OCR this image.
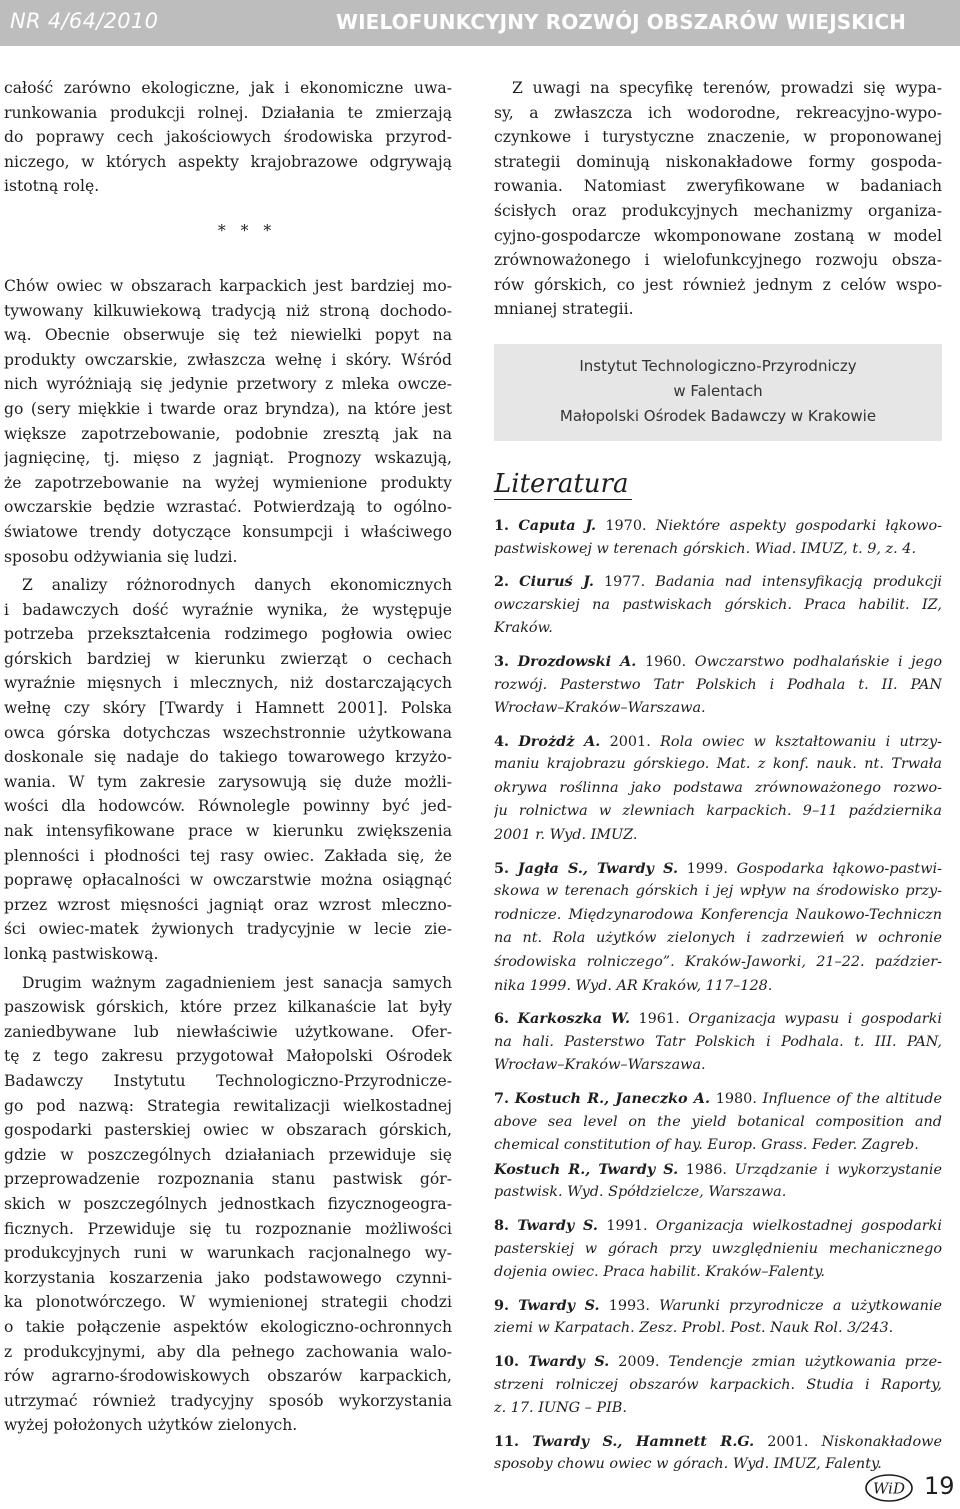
NR 4/64/2010	WIELOFUNKCYJNY ROZWÓJ OBSZARÓW WIEJSKICH
całość zarówno ekologiczne, jak i ekonomiczne uwa-
runkowania produkcji rolnej. Działania te zmierzają
do poprawy cech jakościowych środowiska przyrod-
niczego, w których aspekty krajobrazowe odgrywają
istotną rolę.
* * *
Chów owiec w obszarach karpackich jest bardziej mo-
tywowany kilkuwiekową tradycją niż stroną dochodo-
wą. Obecnie obserwuje się też niewielki popyt na
produkty owczarskie, zwłaszcza wełnę i skóry. Wśród
nich wyróżniają się jedynie przetwory z mleka owcze-
go (sery miękkie i twarde oraz bryndza), na które jest
większe zapotrzebowanie, podobnie zresztą jak na
jagnięcinę, tj. mięso z jagniąt. Prognozy wskazują,
że zapotrzebowanie na wyżej wymienione produkty
owczarskie będzie wzrastać. Potwierdzają to ogólno-
światowe trendy dotyczące konsumpcji i właściwego
sposobu odżywiania się ludzi.
Z analizy różnorodnych danych ekonomicznych
i badawczych dość wyraźnie wynika, że występuje
potrzeba przekształcenia rodzimego pogłowia owiec
górskich bardziej w kierunku zwierząt o cechach
wyraźnie mięsnych i mlecznych, niż dostarczających
wełnę czy skóry [Twardy i Hamnett 2001]. Polska
owca górska dotychczas wszechstronnie użytkowana
doskonale się nadaje do takiego towarowego krzyżo-
wania. W tym zakresie zarysowują się duże możli-
wości dla hodowców. Równolegle powinny być jed-
nak intensyfikowane prace w kierunku zwiększenia
plenności i płodności tej rasy owiec. Zakłada się, że
poprawę opłacalności w owczarstwie można osiągnąć
przez wzrost mięsności jagniąt oraz wzrost mleczno-
ści owiec-matek żywionych tradycyjnie w lecie zie-
lonką pastwiskową.
Drugim ważnym zagadnieniem jest sanacja samych
paszowisk górskich, które przez kilkanaście lat były
zaniedbywane lub niewłaściwie użytkowane. Ofer-
tę z tego zakresu przygotował Małopolski Ośrodek
Badawczy Instytutu Technologiczno-Przyrodnicze-
go pod nazwą: Strategia rewitalizacji wielkostadnej
gospodarki pasterskiej owiec w obszarach górskich,
gdzie w poszczególnych działaniach przewiduje się
przeprowadzenie rozpoznania stanu pastwisk gór-
skich w poszczególnych jednostkach fizycznogeogra-
ficznych. Przewiduje się tu rozpoznanie możliwości
produkcyjnych runi w warunkach racjonalnego wy-
korzystania koszarzenia jako podstawowego czynni-
ka plonotwórczego. W wymienionej strategii chodzi
o takie połączenie aspektów ekologiczno-ochronnych
z produkcyjnymi, aby dla pełnego zachowania walo-
rów agrarno-środowiskowych obszarów karpackich,
utrzymać również tradycyjny sposób wykorzystania
wyżej położonych użytków zielonych.
Z uwagi na specyfikę terenów, prowadzi się wypa-
sy, a zwłaszcza ich wodorodne, rekreacyjno-wypo-
czynkowe i turystyczne znaczenie, w proponowanej
strategii dominują niskonakładowe formy gospoda-
rowania. Natomiast zweryfikowane w badaniach
ścisłych oraz produkcyjnych mechanizmy organiza-
cyjno-gospodarcze wkomponowane zostaną w model
zrównoważonego i wielofunkcyjnego rozwoju obsza-
rów górskich, co jest również jednym z celów wspo-
mnianej strategii.
Instytut Technologiczno-Przyrodniczy
w Falentach
Małopolski Ośrodek Badawczy w Krakowie
Literatura
1. Caputa J. 1970. Niektóre aspekty gospodarki łąkowo-
pastwiskowej w terenach górskich. Wiad. IMUZ, t. 9, z. 4.
2. Ciuruś J. 1977. Badania nad intensyfikacją produkcji
owczarskiej na pastwiskach górskich. Praca habilit. IZ,
Kraków.
3. Drozdowski A. 1960. Owczarstwo podhalańskie i jego
rozwój. Pasterstwo Tatr Polskich i Podhala t. II. PAN
Wrocław–Kraków–Warszawa.
4. Drożdż A. 2001. Rola owiec w kształtowaniu i utrzy-
maniu krajobrazu górskiego. Mat. z konf. nauk. nt. Trwała
okrywa roślinna jako podstawa zrównoważonego rozwo-
ju rolnictwa w zlewniach karpackich. 9–11 października
2001 r. Wyd. IMUZ.
5. Jagła S., Twardy S. 1999. Gospodarka łąkowo-pastwi-
skowa w terenach górskich i jej wpływ na środowisko przy-
rodnicze. Międzynarodowa Konferencja Naukowo-Techniczn
na nt. Rola użytków zielonych i zadrzewień w ochronie
środowiska rolniczego”. Kraków-Jaworki, 21–22. paździer-
nika 1999. Wyd. AR Kraków, 117–128.
6. Karkoszka W. 1961. Organizacja wypasu i gospodarki
na hali. Pasterstwo Tatr Polskich i Podhala. t. III. PAN,
Wrocław–Kraków–Warszawa.
7. Kostuch R., Janeczko A. 1980. Influence of the altitude
above sea level on the yield botanical composition and
chemical constitution of hay. Europ. Grass. Feder. Zagreb.
Kostuch R., Twardy S. 1986. Urządzanie i wykorzystanie
pastwisk. Wyd. Spółdzielcze, Warszawa.
8. Twardy S. 1991. Organizacja wielkostadnej gospodarki
pasterskiej w górach przy uwzględnieniu mechanicznego
dojenia owiec. Praca habilit. Kraków–Falenty.
9. Twardy S. 1993. Warunki przyrodnicze a użytkowanie
ziemi w Karpatach. Zesz. Probl. Post. Nauk Rol. 3/243.
10. Twardy S. 2009. Tendencje zmian użytkowania prze-
strzeni rolniczej obszarów karpackich. Studia i Raporty,
z. 17. IUNG – PIB.
11. Twardy S., Hamnett R.G. 2001. Niskonakładowe
sposoby chowu owiec w górach. Wyd. IMUZ, Falenty.
WiD 19
